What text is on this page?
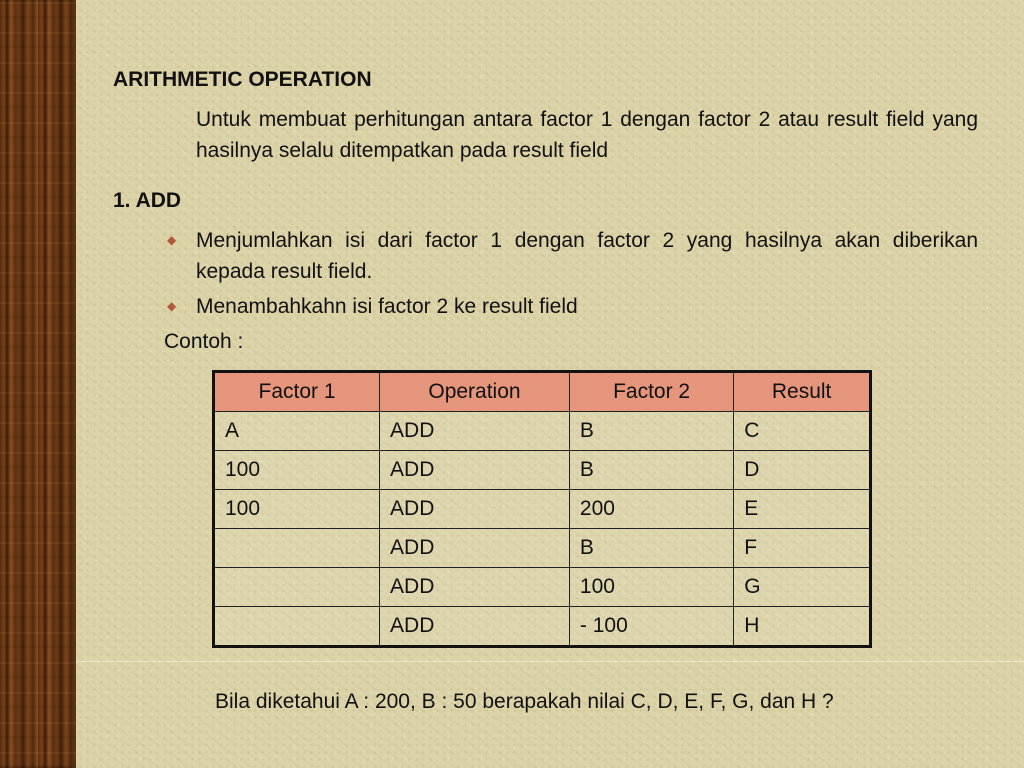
ARITHMETIC OPERATION

Untuk membuat perhitungan antara factor 1 dengan factor 2 atau result field yang hasilnya selalu ditempatkan pada result field

1. ADD

◆ Menjumlahkan isi dari factor 1 dengan factor 2 yang hasilnya akan diberikan kepada result field.

◆ Menambahkahn isi factor 2 ke result field

Contoh :

Factor 1	Operation	Factor 2	Result
A	ADD	B	C
100	ADD	B	D
100	ADD	200	E
	ADD	B	F
	ADD	100	G
	ADD	- 100	H

Bila diketahui A : 200, B : 50 berapakah nilai C, D, E, F, G, dan H ?
